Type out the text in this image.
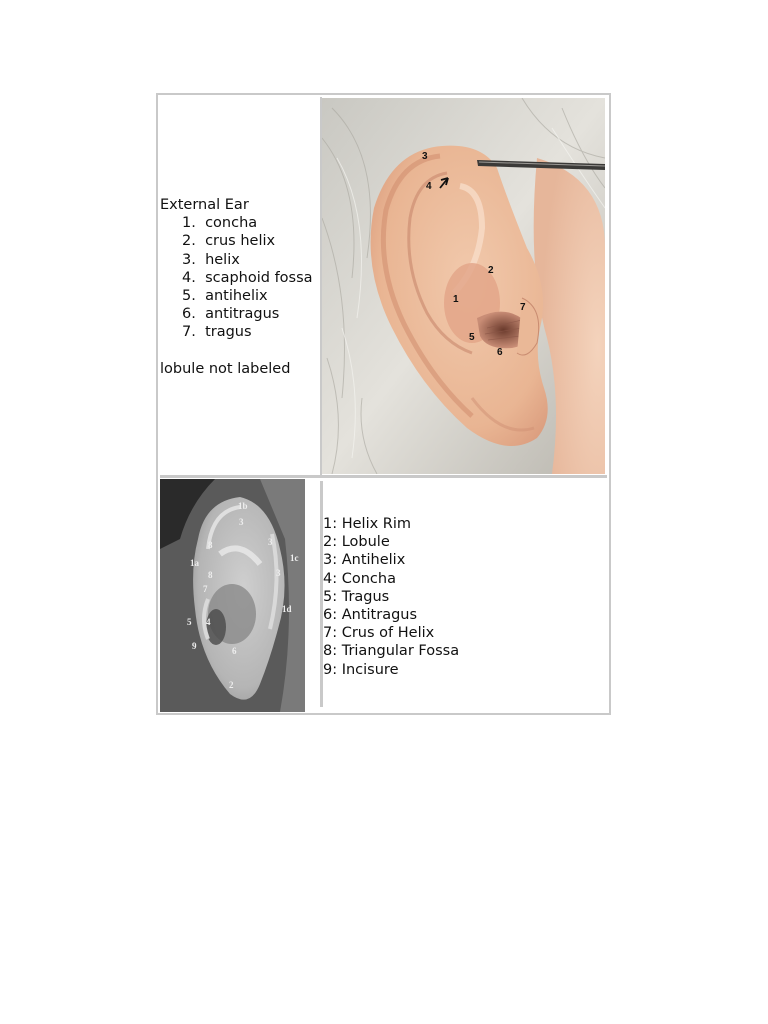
External Ear
1.  concha
2.  crus helix
3.  helix
4.  scaphoid fossa
5.  antihelix
6.  antitragus
7.  tragus
lobule not labeled
3
4
2
1
7
5
6
1b
3
3
1c
3
8
1a
8
7
1d
5 4
9	6
2
1: Helix Rim
2: Lobule
3: Antihelix
4: Concha
5: Tragus
6: Antitragus
7: Crus of Helix
8: Triangular Fossa
9: Incisure
